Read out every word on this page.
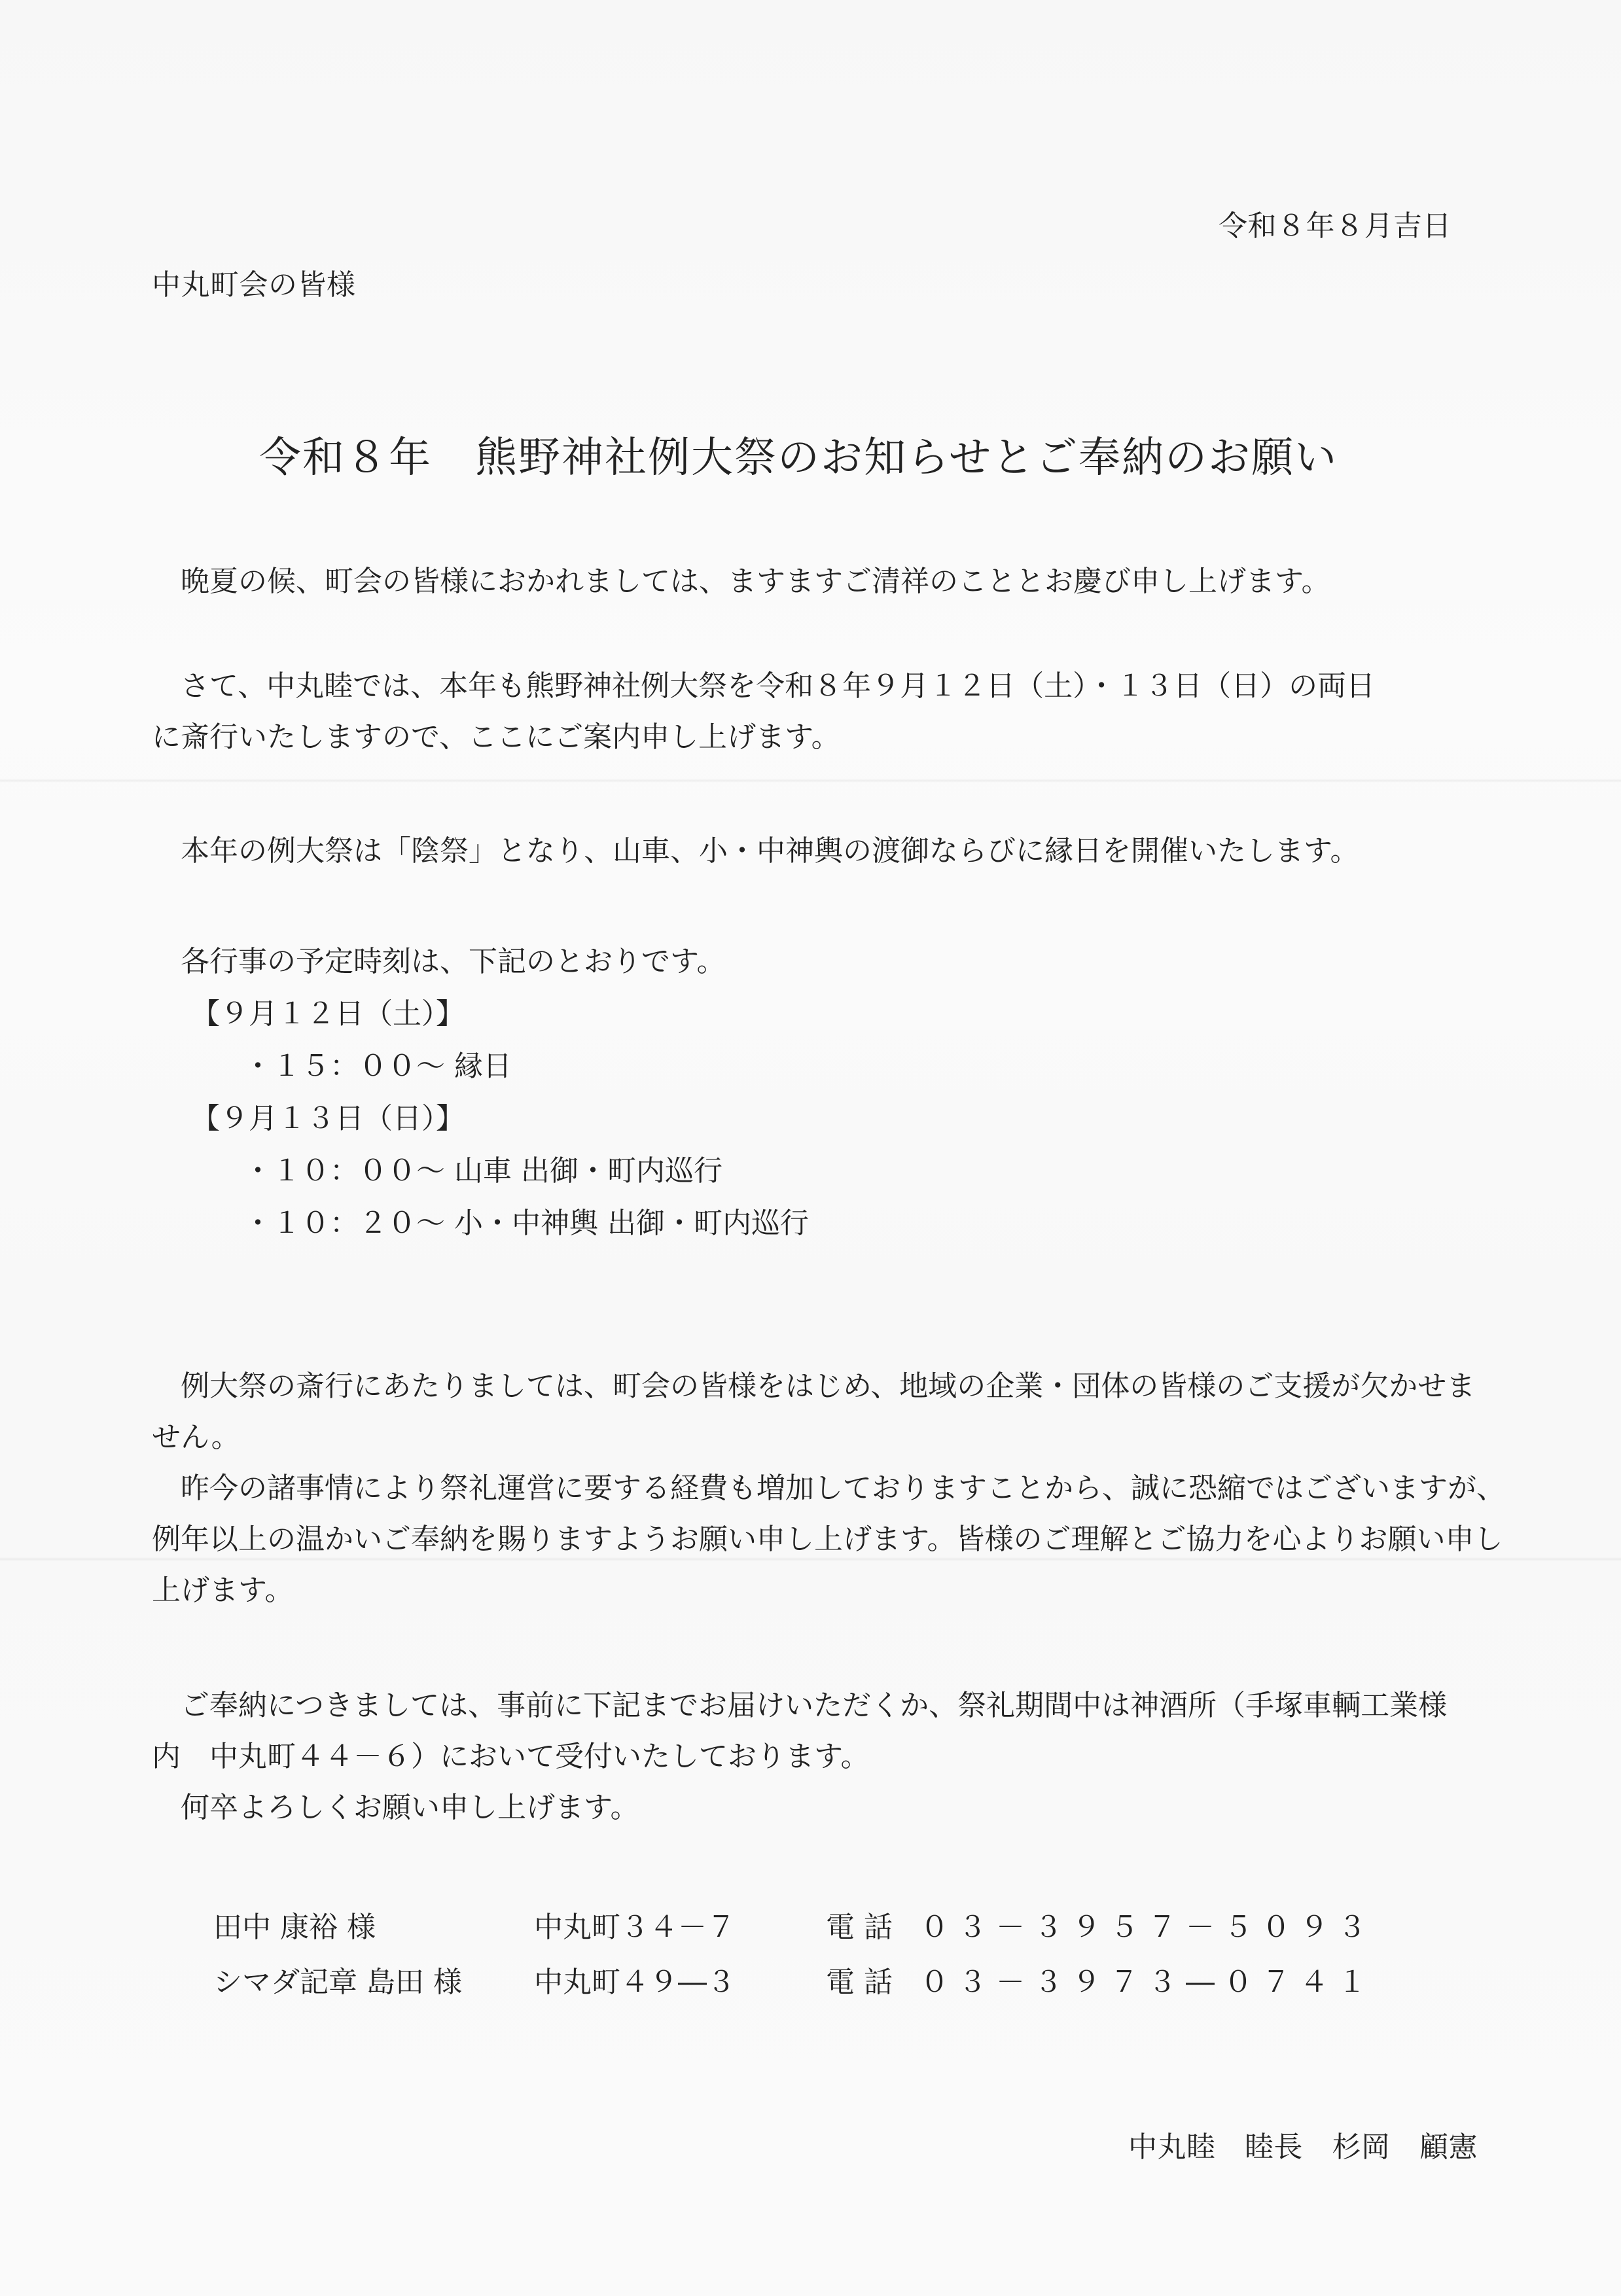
令和８年８月吉日
中丸町会の皆様
令和８年　熊野神社例大祭のお知らせとご奉納のお願い

晩夏の候、町会の皆様におかれましては、ますますご清祥のこととお慶び申し上げます。

さて、中丸睦では、本年も熊野神社例大祭を令和８年９月１２日（土）・１３日（日）の両日

に斎行いたしますので、ここにご案内申し上げます。

本年の例大祭は「陰祭」となり、山車、小・中神輿の渡御ならびに縁日を開催いたします。

各行事の予定時刻は、下記のとおりです。
【９月１２日（土）】
・１５：００～ 縁日
【９月１３日（日）】
・１０：００～ 山車 出御・町内巡行
・１０：２０～ 小・中神輿 出御・町内巡行

例大祭の斎行にあたりましては、町会の皆様をはじめ、地域の企業・団体の皆様のご支援が欠かせま

せん。

　昨今の諸事情により祭礼運営に要する経費も増加しておりますことから、誠に恐縮ではございますが、

例年以上の温かいご奉納を賜りますようお願い申し上げます。皆様のご理解とご協力を心よりお願い申し

上げます。

ご奉納につきましては、事前に下記までお届けいただくか、祭礼期間中は神酒所（手塚車輌工業様

内　中丸町４４－６）において受付いたしております。

何卒よろしくお願い申し上げます。

田中 康裕 様	中丸町３４－７	電話 ０３－３９５７－５０９３
シマダ記章 島田 様	中丸町４９―３	電話 ０３－３９７３―０７４１
中丸睦　睦長　杉岡　顧憲
